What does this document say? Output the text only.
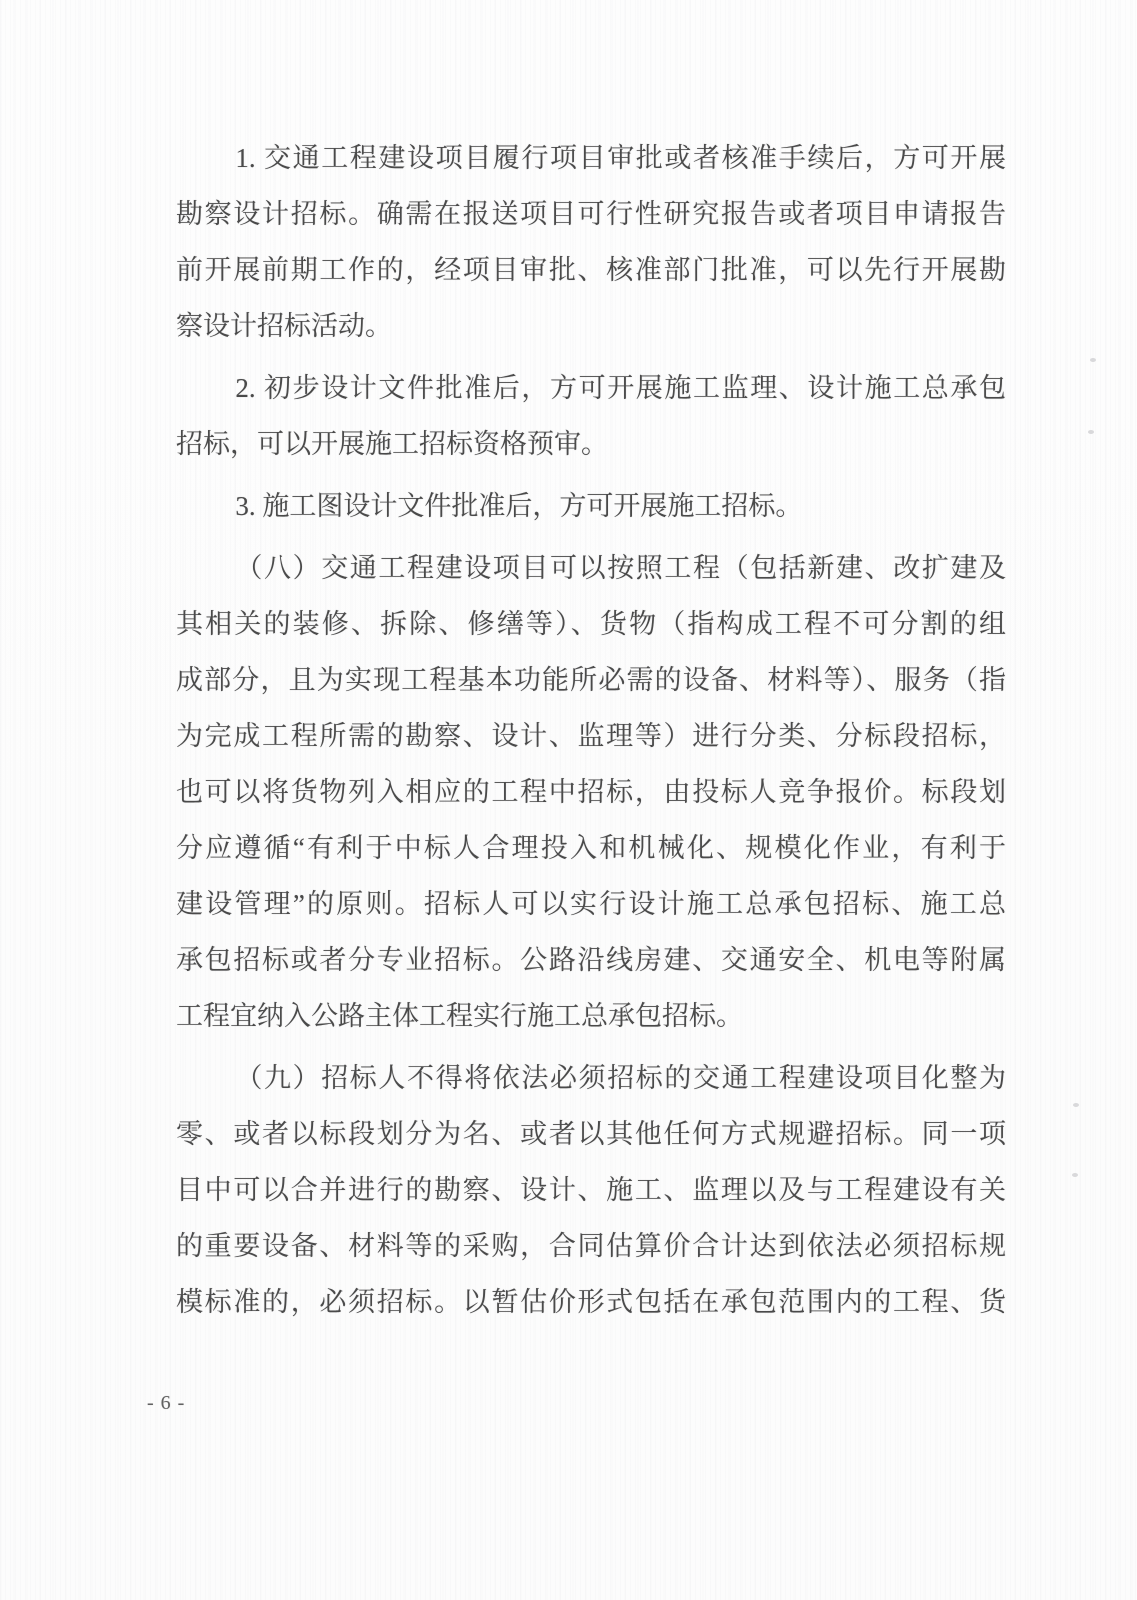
1. 交通工程建设项目履行项目审批或者核准手续后，方可开展
勘察设计招标。确需在报送项目可行性研究报告或者项目申请报告
前开展前期工作的，经项目审批、核准部门批准，可以先行开展勘
察设计招标活动。
2. 初步设计文件批准后，方可开展施工监理、设计施工总承包
招标，可以开展施工招标资格预审。
3. 施工图设计文件批准后，方可开展施工招标。
（八）交通工程建设项目可以按照工程（包括新建、改扩建及
其相关的装修、拆除、修缮等）、货物（指构成工程不可分割的组
成部分，且为实现工程基本功能所必需的设备、材料等）、服务（指
为完成工程所需的勘察、设计、监理等）进行分类、分标段招标，
也可以将货物列入相应的工程中招标，由投标人竞争报价。标段划
分应遵循“有利于中标人合理投入和机械化、规模化作业，有利于
建设管理”的原则。招标人可以实行设计施工总承包招标、施工总
承包招标或者分专业招标。公路沿线房建、交通安全、机电等附属
工程宜纳入公路主体工程实行施工总承包招标。
（九）招标人不得将依法必须招标的交通工程建设项目化整为
零、或者以标段划分为名、或者以其他任何方式规避招标。同一项
目中可以合并进行的勘察、设计、施工、监理以及与工程建设有关
的重要设备、材料等的采购，合同估算价合计达到依法必须招标规
模标准的，必须招标。以暂估价形式包括在承包范围内的工程、货
- 6 -
